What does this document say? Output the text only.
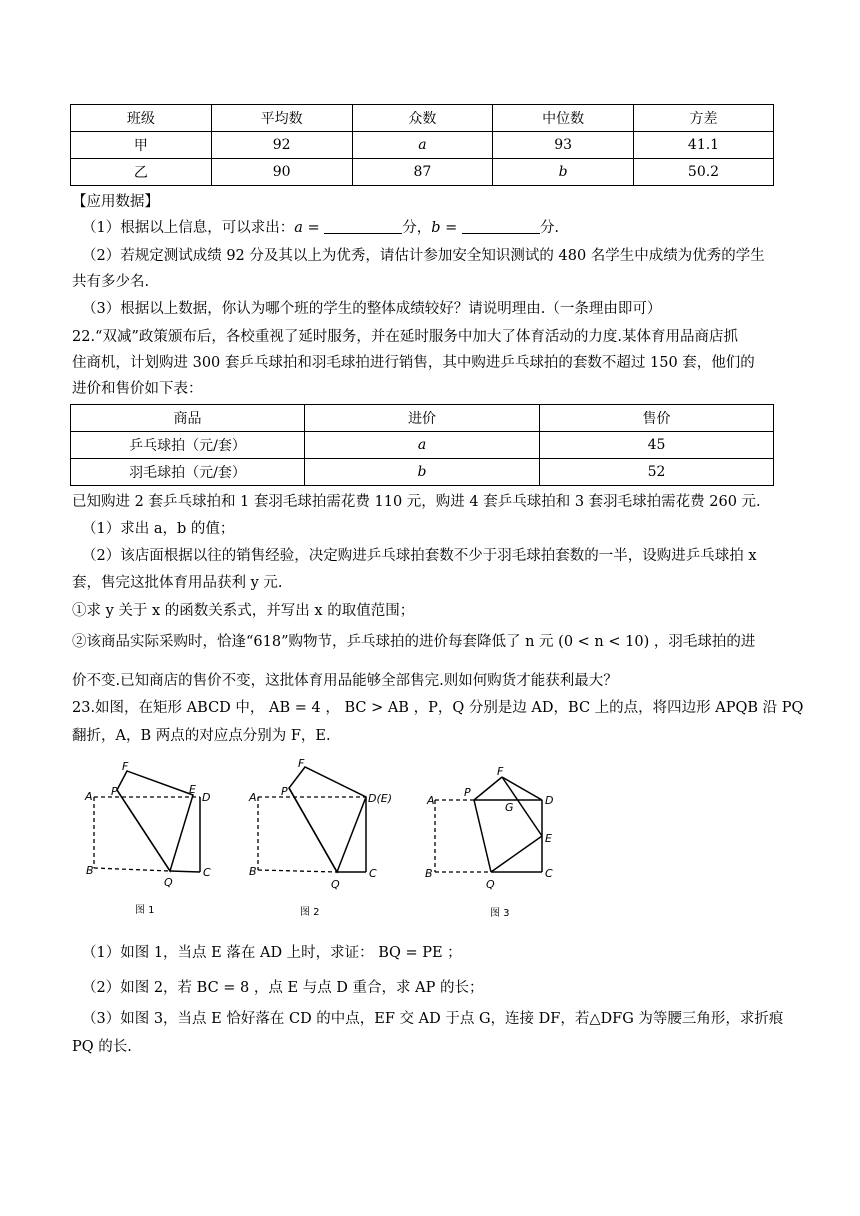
班级	平均数	众数	中位数	方差
甲	92	a	93	41.1
乙	90	87	b	50.2
【应用数据】
（1）根据以上信息，可以求出：a =	分，b =	分.
（2）若规定测试成绩 92 分及其以上为优秀，请估计参加安全知识测试的 480 名学生中成绩为优秀的学生
共有多少名.
（3）根据以上数据，你认为哪个班的学生的整体成绩较好？请说明理由.（一条理由即可）
22.“双减”政策颁布后，各校重视了延时服务，并在延时服务中加大了体育活动的力度.某体育用品商店抓
住商机，计划购进 300 套乒乓球拍和羽毛球拍进行销售，其中购进乒乓球拍的套数不超过 150 套，他们的
进价和售价如下表：
商品	进价	售价
乒乓球拍（元/套）	a	45
羽毛球拍（元/套）	b	52
已知购进 2 套乒乓球拍和 1 套羽毛球拍需花费 110 元，购进 4 套乒乓球拍和 3 套羽毛球拍需花费 260 元.
（1）求出 a，b 的值；
（2）该店面根据以往的销售经验，决定购进乒乓球拍套数不少于羽毛球拍套数的一半，设购进乒乓球拍 x
套，售完这批体育用品获利 y 元.
①求 y 关于 x 的函数关系式，并写出 x 的取值范围；
②该商品实际采购时，恰逢“618”购物节，乒乓球拍的进价每套降低了 n 元 (0 < n < 10) ，羽毛球拍的进
价不变.已知商店的售价不变，这批体育用品能够全部售完.则如何购货才能获利最大？
23.如图，在矩形 ABCD 中， AB = 4 ， BC > AB ，P，Q 分别是边 AD，BC 上的点，将四边形 APQB 沿 PQ
翻折，A，B 两点的对应点分别为 F，E.
F
A P	E
D
B
Q
C
图 1
F
A P
D(E)
B
Q
C
图 2
F
A
P
G
D
E
B
Q
C
图 3
（1）如图 1，当点 E 落在 AD 上时，求证： BQ = PE ；
（2）如图 2，若 BC = 8 ，点 E 与点 D 重合，求 AP 的长；
（3）如图 3，当点 E 恰好落在 CD 的中点，EF 交 AD 于点 G，连接 DF，若△DFG 为等腰三角形，求折痕
PQ 的长.
